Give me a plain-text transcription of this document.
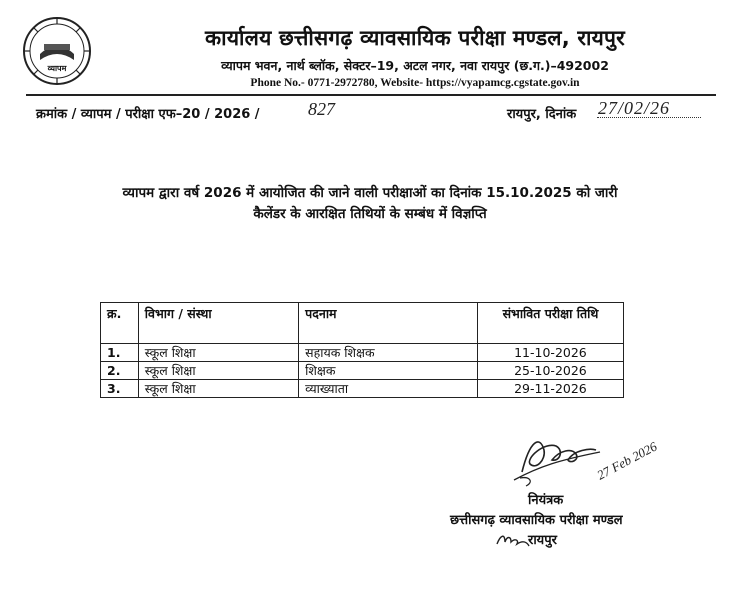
व्यापम
कार्यालय छत्तीसगढ़ व्यावसायिक परीक्षा मण्डल, रायपुर
व्यापम भवन, नार्थ ब्लॉक, सेक्टर–19, अटल नगर, नवा रायपुर (छ.ग.)–492002
Phone No.- 0771-2972780, Website- https://vyapamcg.cgstate.gov.in
क्रमांक / व्यापम / परीक्षा एफ–20 / 2026 /	827	रायपुर, दिनांक 27/02/26
व्यापम द्वारा वर्ष 2026 में आयोजित की जाने वाली परीक्षाओं का दिनांक 15.10.2025 को जारी
कैलेंडर के आरक्षित तिथियों के सम्बंध में विज्ञप्ति
क्र.	विभाग / संस्था	पदनाम	संभावित परीक्षा तिथि
1.	स्कूल शिक्षा	सहायक शिक्षक	11-10-2026
2.	स्कूल शिक्षा	शिक्षक	25-10-2026
3.	स्कूल शिक्षा	व्याख्याता	29-11-2026
27 Feb 2026
नियंत्रक
छत्तीसगढ़ व्यावसायिक परीक्षा मण्डल
रायपुर
